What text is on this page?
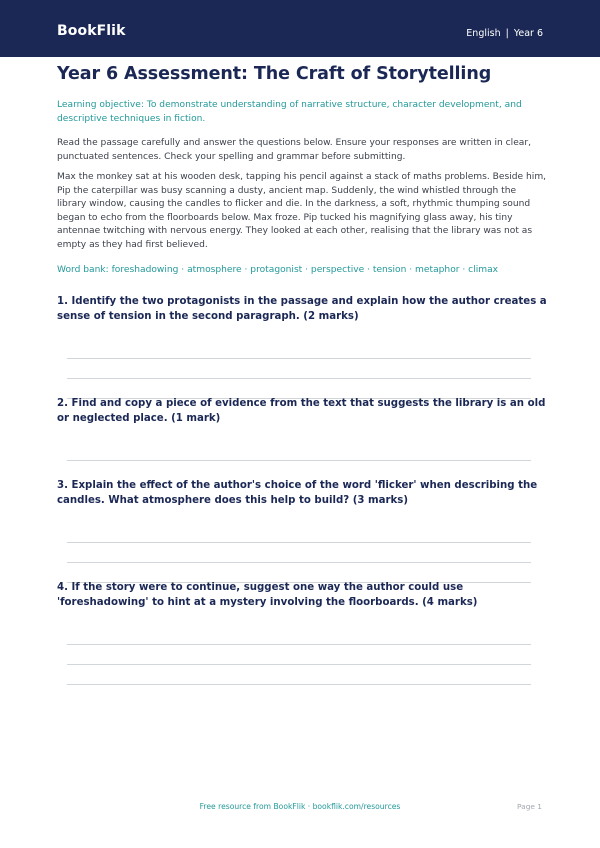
BookFlik	English | Year 6
Year 6 Assessment: The Craft of Storytelling

Learning objective: To demonstrate understanding of narrative structure, character development, and descriptive techniques in fiction.

Read the passage carefully and answer the questions below. Ensure your responses are written in clear, punctuated sentences. Check your spelling and grammar before submitting.

Max the monkey sat at his wooden desk, tapping his pencil against a stack of maths problems. Beside him, Pip the caterpillar was busy scanning a dusty, ancient map. Suddenly, the wind whistled through the library window, causing the candles to flicker and die. In the darkness, a soft, rhythmic thumping sound began to echo from the floorboards below. Max froze. Pip tucked his magnifying glass away, his tiny antennae twitching with nervous energy. They looked at each other, realising that the library was not as empty as they had first believed.

Word bank: foreshadowing · atmosphere · protagonist · perspective · tension · metaphor · climax

1. Identify the two protagonists in the passage and explain how the author creates a sense of tension in the second paragraph. (2 marks)

2. Find and copy a piece of evidence from the text that suggests the library is an old or neglected place. (1 mark)

3. Explain the effect of the author's choice of the word 'flicker' when describing the candles. What atmosphere does this help to build? (3 marks)

4. If the story were to continue, suggest one way the author could use 'foreshadowing' to hint at a mystery involving the floorboards. (4 marks)

Free resource from BookFlik · bookflik.com/resources	Page 1
